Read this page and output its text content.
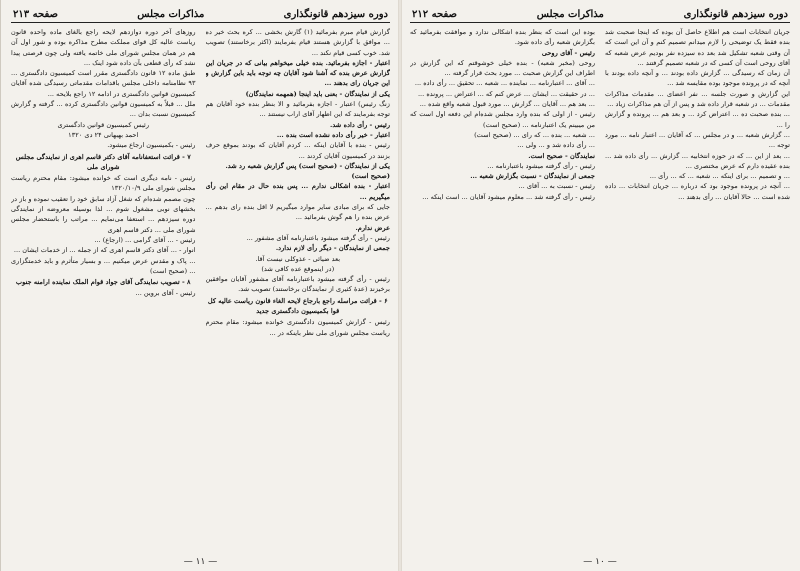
دوره سیزدهم قانونگذاری
مذاکرات مجلس
صفحه ۲۱۳

گزارش قیام مبرم بفرمائید (۱) گارش بخشی ... کره بحث خیر ده ... موافق با گزارش هستند قیام بفرمایند (اکثر برخاستند) تصویب شد. خوب کسی قیام نکند ...

اعتبار - اجازه بفرمائید. بنده خیلی میخواهم بیانی که در جریان این گزارش عرض بنده که آشنا شود آقایان چه توجه باید باین گزارش و این جریان رای بدهند ...

یکی از نمایندگان - بعنی باید اینجا (همهمه نمایندگان)

زنگ رئیس) اعتبار - اجازه بفرمائید و الا بنظر بنده خود آقایان هم توجه بفرمایند که این اظهار آقای اراب نیستند ...

رئیس - رأی داده شد.

اعتبار - خیر رأی داده نشده است بنده ...

رئیس - بنده با آقایان اینکه ... کردم آقایان که بودند بموقع حرف بزنند در کمیسیون آقایان کردند ...

یکی از نمایندگان - (صحیح است) پس گزارش شعبه رد شد.

(صحیح است)

اعتبار - بنده اشکالی ندارم ... پس بنده حال در مقام این رأی میگیریم ...

جایی که برای مبادی سایر موارد میگیریم لا اقل بنده رای بدهم ... عرض بنده را هم گوش بفرمائید ...

عرض ندارم.

رئیس - رأی گرفته میشود باعتبارنامه آقای مشفور ...

جمعی از نمایندگان - دیگر رأی لازم ندارد.

بعد ضیائی - عذوکلی نیست آقا.

(در اینموقع عده کافی شد)

رئیس - رأی گرفته میشود باعتبارنامه آقای مشفور آقایان موافقین برخیزند (عدۀ کثیری از نمایندگان برخاستند) تصویب شد.

۶ - قرائت مراسله راجع بارجاع لایحه الغاء قانون ریاست عالیه کل قوا بکمیسیون دادگستری جدید

رئیس - گزارش کمیسیون دادگستری خوانده میشود: مقام محترم ریاست مجلس شورای ملی نظر باینکه در ...

روزهای آخر دوره دوازدهم لایحه راجع بالغای ماده واحده قانون ریاست عالیه کل قوای مملکت مطرح مذاکره بوده و شور اول آن هم در همان مجلس شورای ملی خاتمه یافته ولی چون فرصتی پیدا نشد که رأی قطعی بآن داده شود اینک ...

طبق ماده ۱۲ قانون دادگستری مقرر است کمیسیون دادگستری ... ۹۳ نظامنامه داخلی مجلس باقدامات مقدماتی رسیدگی شده آقایان کمیسیون قوانین دادگستری در ادامه ۱۲ راجع بلایحه ...

ملل ... قبلاً به کمیسیون قوانین دادگستری کرده ... گرفته و گزارش کمیسیون نسبت بدان ...

رئیس کمیسیون قوانین دادگستری

احمد بهبهانی ۲۴ دی ۱۳۲۰

رئیس - بکمیسیون ارجاع میشود.

۷ - قرائت استعفانامه آقای دکتر قاسم اهری از نمایندگی مجلس شورای ملی

رئیس - نامه دیگری است که خوانده میشود: مقام محترم ریاست مجلس شورای ملی ۱۳۲۰/۱۰/۹

چون مصمم شده‌ام که شغل آزاد سابق خود را تعقیب نموده و باز در بخشهای نوبی مشغول شوم ... لذا بوسیله معروضه از نمایندگی دوره سیزدهم ... استعفا می‌نمایم ... مراتب را باستحضار مجلس شورای ملی ... دکتر قاسم اهری

رئیس - ... آقای گرامی ... (ارجاع) ...

انوار - ... آقای دکتر قاسم اهری که از جمله ... از خدمات ایشان ...

... پاک و مقدس عرض میکنیم ... و بسیار متأثرم و باید خدمتگزاری ... (صحیح است)

۸ - تصویب نمایندگی آقای جواد قوام الملک نماینده ارامنه جنوب

رئیس - آقای بروین ...

— ۱۱ —
دوره سیزدهم قانونگذاری
مذاکرات مجلس
صفحه ۲۱۲

جریان انتخابات است هم اطلاع حاصل آن بوده که اینجا صحبت شد بنده فقط یک توضیحی را لازم میدانم تصمیم کنم و آن این است که آن وقتی شعبه تشکیل شد بعد ده سیزده نفر بودیم عرض شعبه که آقای روحی است آن کسی که در شعبه تصمیم گرفتند ...

آن زمان که رسیدگی ... گزارش داده بودند ... و آنچه داده بودند با آنچه که در پرونده موجود بوده مقایسه شد ...

این گزارش و صورت جلسه ... نفر اعضای ... مقدمات مذاکرات مقدمات ... در شعبه قرار داده شد و پس از آن هم مذاکرات زیاد ...

... بنده صحبت ده ... اعتراض کرد ... و بعد هم ... پرونده و گزارش را ...

... گزارش شعبه ... و در مجلس ... که آقایان ... اعتبار نامه ... مورد توجه ...

... بعد از این ... که در حوزه انتخابیه ... گزارش ... رأی داده شد ... بنده عقیده دارم که عرض مختصری ...

... و تصمیم ... برای اینکه ... شعبه ... که ... رأی ...

... آنچه در پرونده موجود بود که درباره ... جریان انتخابات ... داده شده است ... حالا آقایان ... رأی بدهند ...

بوده این است که بنظر بنده اشکالی ندارد و موافقت بفرمائید که بگزارش شعبه رأی داده شود.

رئیس - آقای روحی

روحی (مخبر شعبه) - بنده خیلی خوشوقتم که این گزارش در اطراف این گزارش صحبت ... مورد بحث قرار گرفته ...

... آقای ... اعتبارنامه ... نماینده ... شعبه ... تحقیق ... رأی داده ...

... در حقیقت ... ایشان ... عرض کنم که ... اعتراض ... پرونده ...

... بعد هم ... آقایان ... گزارش ... مورد قبول شعبه واقع شده ...

رئیس - از اولی که بنده وارد مجلس شده‌ام این دفعه اول است که من میبینم یک اعتبارنامه ... (صحیح است)

... شعبه ... بنده ... که رای ... (صحیح است)

... رأی داده شد و ... ولی ...

نمایندگان - صحیح است.

رئیس - رأی گرفته میشود باعتبارنامه ...

جمعی از نمایندگان - نسبت بگزارش شعبه ...

رئیس - نسبت به ... آقای ...

رئیس - رأی گرفته شد ... معلوم میشود آقایان ... است اینکه ...

— ۱۰ —
